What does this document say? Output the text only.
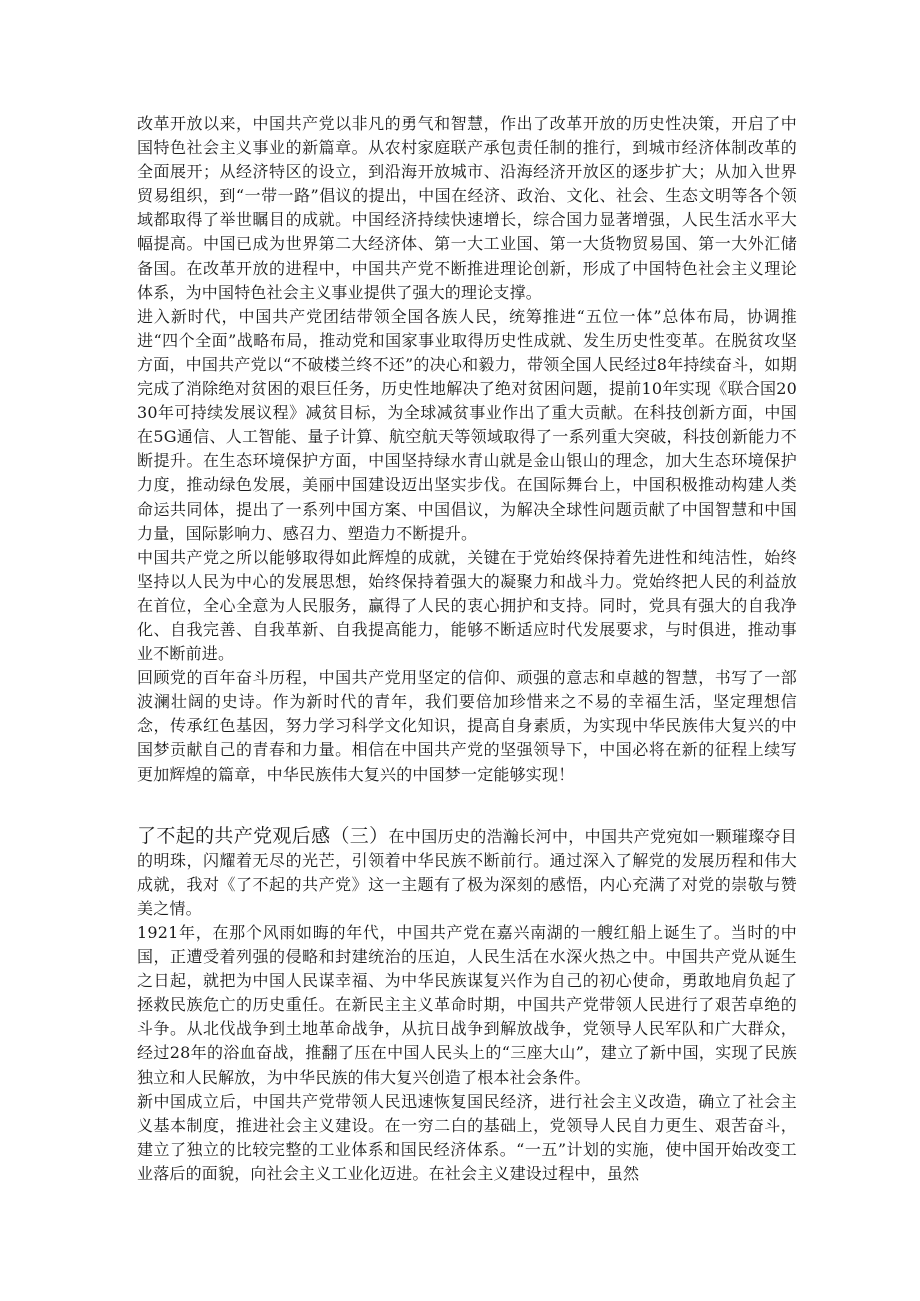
改革开放以来，中国共产党以非凡的勇气和智慧，作出了改革开放的历史性决策，开启了中国特色社会主义事业的新篇章。从农村家庭联产承包责任制的推行，到城市经济体制改革的全面展开；从经济特区的设立，到沿海开放城市、沿海经济开放区的逐步扩大；从加入世界贸易组织，到“一带一路”倡议的提出，中国在经济、政治、文化、社会、生态文明等各个领域都取得了举世瞩目的成就。中国经济持续快速增长，综合国力显著增强，人民生活水平大幅提高。中国已成为世界第二大经济体、第一大工业国、第一大货物贸易国、第一大外汇储备国。在改革开放的进程中，中国共产党不断推进理论创新，形成了中国特色社会主义理论体系，为中国特色社会主义事业提供了强大的理论支撑。

进入新时代，中国共产党团结带领全国各族人民，统筹推进“五位一体”总体布局，协调推进“四个全面”战略布局，推动党和国家事业取得历史性成就、发生历史性变革。在脱贫攻坚方面，中国共产党以“不破楼兰终不还”的决心和毅力，带领全国人民经过8年持续奋斗，如期完成了消除绝对贫困的艰巨任务，历史性地解决了绝对贫困问题，提前10年实现《联合国2030年可持续发展议程》减贫目标，为全球减贫事业作出了重大贡献。在科技创新方面，中国在5G通信、人工智能、量子计算、航空航天等领域取得了一系列重大突破，科技创新能力不断提升。在生态环境保护方面，中国坚持绿水青山就是金山银山的理念，加大生态环境保护力度，推动绿色发展，美丽中国建设迈出坚实步伐。在国际舞台上，中国积极推动构建人类命运共同体，提出了一系列中国方案、中国倡议，为解决全球性问题贡献了中国智慧和中国力量，国际影响力、感召力、塑造力不断提升。

中国共产党之所以能够取得如此辉煌的成就，关键在于党始终保持着先进性和纯洁性，始终坚持以人民为中心的发展思想，始终保持着强大的凝聚力和战斗力。党始终把人民的利益放在首位，全心全意为人民服务，赢得了人民的衷心拥护和支持。同时，党具有强大的自我净化、自我完善、自我革新、自我提高能力，能够不断适应时代发展要求，与时俱进，推动事业不断前进。

回顾党的百年奋斗历程，中国共产党用坚定的信仰、顽强的意志和卓越的智慧，书写了一部波澜壮阔的史诗。作为新时代的青年，我们要倍加珍惜来之不易的幸福生活，坚定理想信念，传承红色基因，努力学习科学文化知识，提高自身素质，为实现中华民族伟大复兴的中国梦贡献自己的青春和力量。相信在中国共产党的坚强领导下，中国必将在新的征程上续写更加辉煌的篇章，中华民族伟大复兴的中国梦一定能够实现！

了不起的共产党观后感（三）在中国历史的浩瀚长河中，中国共产党宛如一颗璀璨夺目的明珠，闪耀着无尽的光芒，引领着中华民族不断前行。通过深入了解党的发展历程和伟大成就，我对《了不起的共产党》这一主题有了极为深刻的感悟，内心充满了对党的崇敬与赞美之情。

1921年，在那个风雨如晦的年代，中国共产党在嘉兴南湖的一艘红船上诞生了。当时的中国，正遭受着列强的侵略和封建统治的压迫，人民生活在水深火热之中。中国共产党从诞生之日起，就把为中国人民谋幸福、为中华民族谋复兴作为自己的初心使命，勇敢地肩负起了拯救民族危亡的历史重任。在新民主主义革命时期，中国共产党带领人民进行了艰苦卓绝的斗争。从北伐战争到土地革命战争，从抗日战争到解放战争，党领导人民军队和广大群众，经过28年的浴血奋战，推翻了压在中国人民头上的“三座大山”，建立了新中国，实现了民族独立和人民解放，为中华民族的伟大复兴创造了根本社会条件。

新中国成立后，中国共产党带领人民迅速恢复国民经济，进行社会主义改造，确立了社会主义基本制度，推进社会主义建设。在一穷二白的基础上，党领导人民自力更生、艰苦奋斗，建立了独立的比较完整的工业体系和国民经济体系。“一五”计划的实施，使中国开始改变工业落后的面貌，向社会主义工业化迈进。在社会主义建设过程中，虽然
